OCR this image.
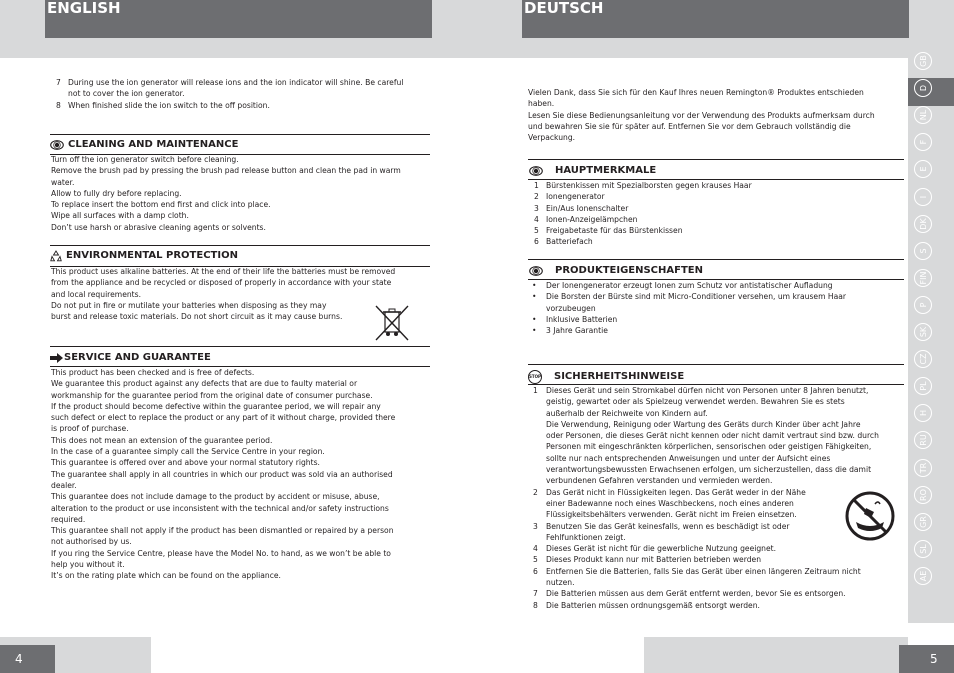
ENGLISH	DEUTSCH
4	5
GB
D
NL
F
E
I
DK
S
FIN
P
SK
CZ
PL
H
RU
TR
RO
GR
SL
AE
7 During use the ion generator will release ions and the ion indicator will shine. Be careful
not to cover the ion generator.
8 When finished slide the ion switch to the off position.
CLEANING AND MAINTENANCE
Turn off the ion generator switch before cleaning.
Remove the brush pad by pressing the brush pad release button and clean the pad in warm
water.
Allow to fully dry before replacing.
To replace insert the bottom end first and click into place.
Wipe all surfaces with a damp cloth.
Don’t use harsh or abrasive cleaning agents or solvents.
ENVIRONMENTAL PROTECTION
This product uses alkaline batteries. At the end of their life the batteries must be removed
from the appliance and be recycled or disposed of properly in accordance with your state
and local requirements.
Do not put in fire or mutilate your batteries when disposing as they may
burst and release toxic materials. Do not short circuit as it may cause burns.
SERVICE AND GUARANTEE
This product has been checked and is free of defects.
We guarantee this product against any defects that are due to faulty material or
workmanship for the guarantee period from the original date of consumer purchase.
If the product should become defective within the guarantee period, we will repair any
such defect or elect to replace the product or any part of it without charge, provided there
is proof of purchase.
This does not mean an extension of the guarantee period.
In the case of a guarantee simply call the Service Centre in your region.
This guarantee is offered over and above your normal statutory rights.
The guarantee shall apply in all countries in which our product was sold via an authorised
dealer.
This guarantee does not include damage to the product by accident or misuse, abuse,
alteration to the product or use inconsistent with the technical and/or safety instructions
required.
This guarantee shall not apply if the product has been dismantled or repaired by a person
not authorised by us.
If you ring the Service Centre, please have the Model No. to hand, as we won’t be able to
help you without it.
It’s on the rating plate which can be found on the appliance.
Vielen Dank, dass Sie sich für den Kauf Ihres neuen Remington® Produktes entschieden
haben.
Lesen Sie diese Bedienungsanleitung vor der Verwendung des Produkts aufmerksam durch
und bewahren Sie sie für später auf. Entfernen Sie vor dem Gebrauch vollständig die
Verpackung.
HAUPTMERKMALE
1 Bürstenkissen mit Spezialborsten gegen krauses Haar
2 Ionengenerator
3 Ein/Aus Ionenschalter
4 Ionen-Anzeigelämpchen
5 Freigabetaste für das Bürstenkissen
6 Batteriefach
PRODUKTEIGENSCHAFTEN
•	Der Ionengenerator erzeugt Ionen zum Schutz vor antistatischer Aufladung
•	Die Borsten der Bürste sind mit Micro-Conditioner versehen, um krausem Haar
vorzubeugen
•	Inklusive Batterien
•	3 Jahre Garantie
STOP SICHERHEITSHINWEISE
1	Dieses Gerät und sein Stromkabel dürfen nicht von Personen unter 8 Jahren benutzt,
geistig, gewartet oder als Spielzeug verwendet werden. Bewahren Sie es stets
außerhalb der Reichweite von Kindern auf.
Die Verwendung, Reinigung oder Wartung des Geräts durch Kinder über acht Jahre
oder Personen, die dieses Gerät nicht kennen oder nicht damit vertraut sind bzw. durch
Personen mit eingeschränkten körperlichen, sensorischen oder geistigen Fähigkeiten,
sollte nur nach entsprechenden Anweisungen und unter der Aufsicht eines
verantwortungsbewussten Erwachsenen erfolgen, um sicherzustellen, dass die damit
verbundenen Gefahren verstanden und vermieden werden.
2	Das Gerät nicht in Flüssigkeiten legen. Das Gerät weder in der Nähe
einer Badewanne noch eines Waschbeckens, noch eines anderen
Flüssigkeitsbehälters verwenden. Gerät nicht im Freien einsetzen.
3	Benutzen Sie das Gerät keinesfalls, wenn es beschädigt ist oder
Fehlfunktionen zeigt.
4	Dieses Gerät ist nicht für die gewerbliche Nutzung geeignet.
5	Dieses Produkt kann nur mit Batterien betrieben werden
6	Entfernen Sie die Batterien, falls Sie das Gerät über einen längeren Zeitraum nicht
nutzen.
7	Die Batterien müssen aus dem Gerät entfernt werden, bevor Sie es entsorgen.
8	Die Batterien müssen ordnungsgemäß entsorgt werden.
